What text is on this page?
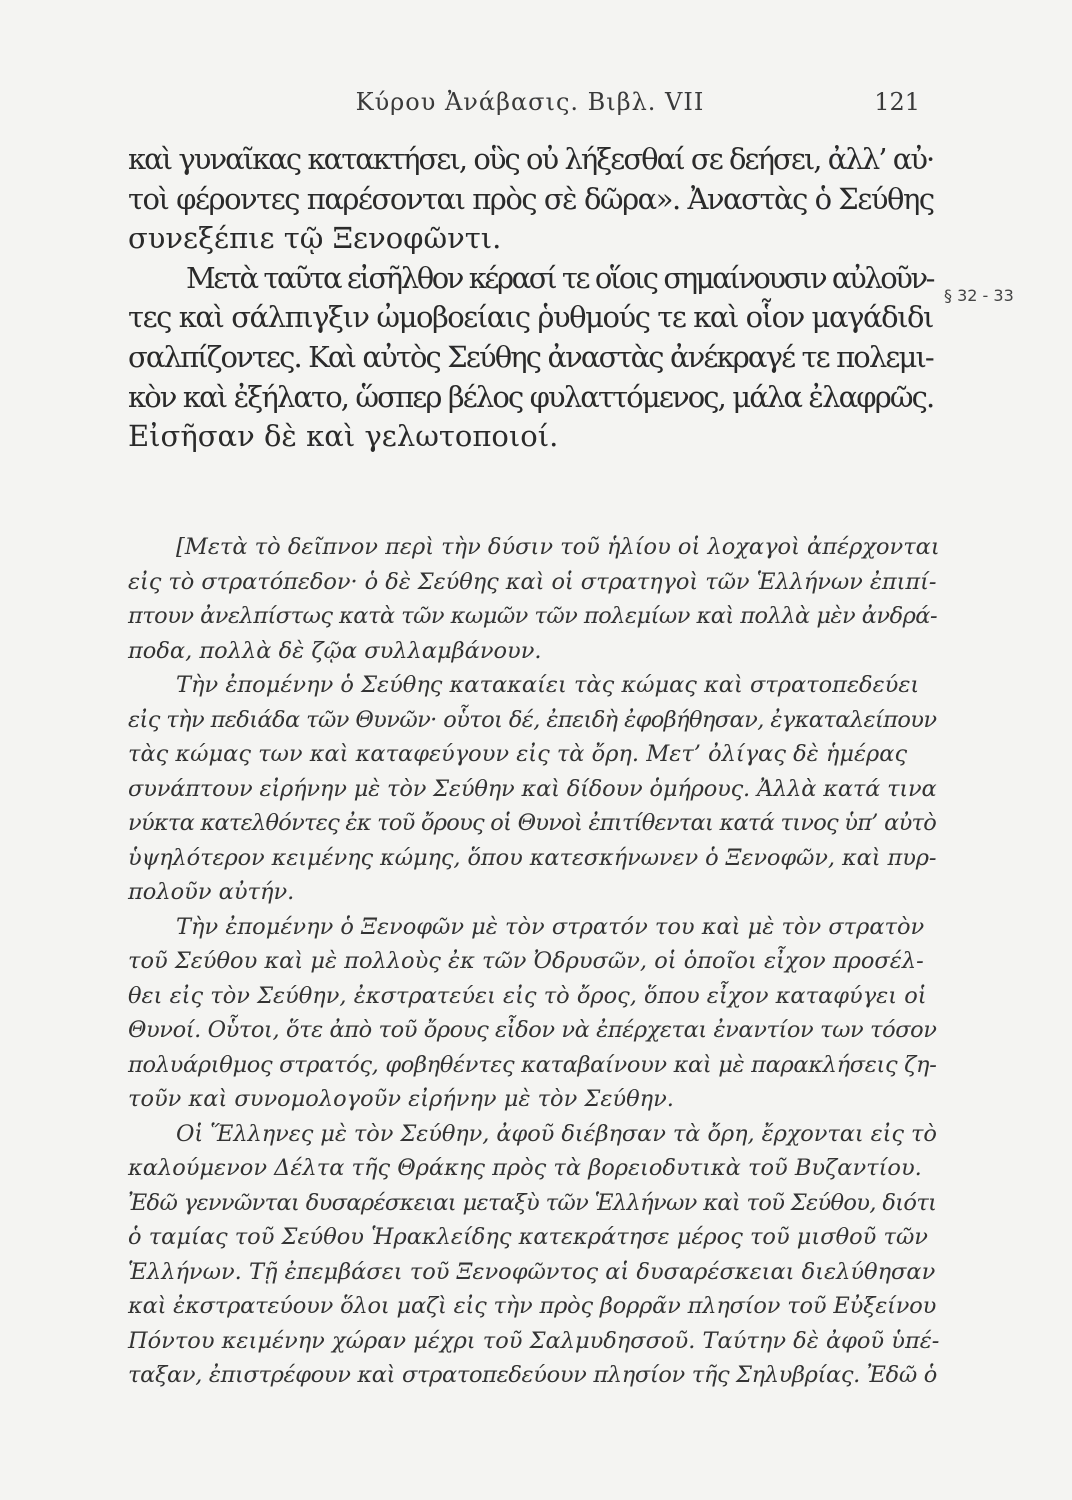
Κύρου Ἀνάβασις. Βιβλ. VII	121
§ 32 - 33
καὶ γυναῖκας κατακτήσει, οὓς οὐ λήξεσθαί σε δεήσει, ἀλλ’ αὐ·
τοὶ φέροντες παρέσονται πρὸς σὲ δῶρα». Ἀναστὰς ὁ Σεύθης
συνεξέπιε τῷ Ξενοφῶντι.
Μετὰ ταῦτα εἰσῆλθον κέρασί τε οἵοις σημαίνουσιν αὐλοῦν-
τες καὶ σάλπιγξιν ὠμοβοείαις ῥυθμούς τε καὶ οἷον μαγάδιδι
σαλπίζοντες. Καὶ αὐτὸς Σεύθης ἀναστὰς ἀνέκραγέ τε πολεμι-
κὸν καὶ ἐξήλατο, ὥσπερ βέλος φυλαττόμενος, μάλα ἐλαφρῶς.
Εἰσῆσαν δὲ καὶ γελωτοποιοί.
[Μετὰ τὸ δεῖπνον περὶ τὴν δύσιν τοῦ ἡλίου οἱ λοχαγοὶ ἀπέρχονται
εἰς τὸ στρατόπεδον· ὁ δὲ Σεύθης καὶ οἱ στρατηγοὶ τῶν Ἑλλήνων ἐπιπί-
πτουν ἀνελπίστως κατὰ τῶν κωμῶν τῶν πολεμίων καὶ πολλὰ μὲν ἀνδρά-
ποδα, πολλὰ δὲ ζῷα συλλαμβάνουν.
Τὴν ἐπομένην ὁ Σεύθης κατακαίει τὰς κώμας καὶ στρατοπεδεύει
εἰς τὴν πεδιάδα τῶν Θυνῶν· οὗτοι δέ, ἐπειδὴ ἐφοβήθησαν, ἐγκαταλείπουν
τὰς κώμας των καὶ καταφεύγουν εἰς τὰ ὄρη. Μετ’ ὀλίγας δὲ ἡμέρας
συνάπτουν εἰρήνην μὲ τὸν Σεύθην καὶ δίδουν ὁμήρους. Ἀλλὰ κατά τινα
νύκτα κατελθόντες ἐκ τοῦ ὄρους οἱ Θυνοὶ ἐπιτίθενται κατά τινος ὑπ’ αὐτὸ
ὑψηλότερον κειμένης κώμης, ὅπου κατεσκήνωνεν ὁ Ξενοφῶν, καὶ πυρ-
πολοῦν αὐτήν.
Τὴν ἐπομένην ὁ Ξενοφῶν μὲ τὸν στρατόν του καὶ μὲ τὸν στρατὸν
τοῦ Σεύθου καὶ μὲ πολλοὺς ἐκ τῶν Ὀδρυσῶν, οἱ ὁποῖοι εἶχον προσέλ-
θει εἰς τὸν Σεύθην, ἐκστρατεύει εἰς τὸ ὄρος, ὅπου εἶχον καταφύγει οἱ
Θυνοί. Οὗτοι, ὅτε ἀπὸ τοῦ ὄρους εἶδον νὰ ἐπέρχεται ἐναντίον των τόσον
πολυάριθμος στρατός, φοβηθέντες καταβαίνουν καὶ μὲ παρακλήσεις ζη-
τοῦν καὶ συνομολογοῦν εἰρήνην μὲ τὸν Σεύθην.
Οἱ Ἕλληνες μὲ τὸν Σεύθην, ἀφοῦ διέβησαν τὰ ὄρη, ἔρχονται εἰς τὸ
καλούμενον Δέλτα τῆς Θράκης πρὸς τὰ βορειοδυτικὰ τοῦ Βυζαντίου.
Ἐδῶ γεννῶνται δυσαρέσκειαι μεταξὺ τῶν Ἑλλήνων καὶ τοῦ Σεύθου, διότι
ὁ ταμίας τοῦ Σεύθου Ἡρακλείδης κατεκράτησε μέρος τοῦ μισθοῦ τῶν
Ἑλλήνων. Τῇ ἐπεμβάσει τοῦ Ξενοφῶντος αἱ δυσαρέσκειαι διελύθησαν
καὶ ἐκστρατεύουν ὅλοι μαζὶ εἰς τὴν πρὸς βορρᾶν πλησίον τοῦ Εὐξείνου
Πόντου κειμένην χώραν μέχρι τοῦ Σαλμυδησσοῦ. Ταύτην δὲ ἀφοῦ ὑπέ-
ταξαν, ἐπιστρέφουν καὶ στρατοπεδεύουν πλησίον τῆς Σηλυβρίας. Ἐδῶ ὁ
